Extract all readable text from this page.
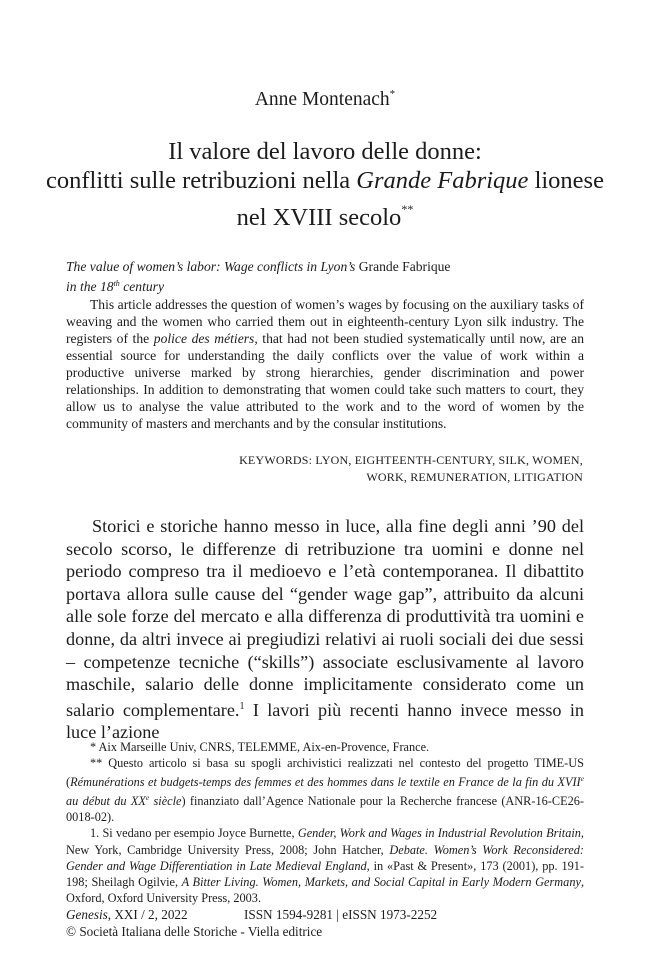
Anne Montenach*
Il valore del lavoro delle donne:
conflitti sulle retribuzioni nella Grande Fabrique lionese
nel XVIII secolo**
The value of women’s labor: Wage conflicts in Lyon’s Grande Fabrique
in the 18th century
This article addresses the question of women’s wages by focusing on the auxiliary tasks of weaving and the women who carried them out in eighteenth-century Lyon silk industry. The registers of the police des métiers, that had not been studied systematically until now, are an essential source for understanding the daily conflicts over the value of work within a productive universe marked by strong hierarchies, gender discrimination and power relationships. In addition to demonstrating that women could take such matters to court, they allow us to analyse the value attributed to the work and to the word of women by the community of masters and merchants and by the consular institutions.
KEYWORDS: LYON, EIGHTEENTH-CENTURY, SILK, WOMEN,
WORK, REMUNERATION, LITIGATION
Storici e storiche hanno messo in luce, alla fine degli anni ’90 del secolo scorso, le differenze di retribuzione tra uomini e donne nel periodo compreso tra il medioevo e l’età contemporanea. Il dibattito portava allora sulle cause del “gender wage gap”, attribuito da alcuni alle sole forze del mercato e alla differenza di produttività tra uomini e donne, da altri invece ai pregiudizi relativi ai ruoli sociali dei due sessi – competenze tecniche (“skills”) associate esclusivamente al lavoro maschile, salario delle donne implicitamente considerato come un salario complementare.$^1$ I lavori più recenti hanno invece messo in luce l’azione
* Aix Marseille Univ, CNRS, TELEMME, Aix-en-Provence, France.
** Questo articolo si basa su spogli archivistici realizzati nel contesto del progetto TIME-US (Rémunérations et budgets-temps des femmes et des hommes dans le textile en France de la fin du XVIIe au début du XXe siècle) finanziato dall’Agence Nationale pour la Recherche francese (ANR-16-CE26-0018-02).
1. Si vedano per esempio Joyce Burnette, Gender, Work and Wages in Industrial Revolution Britain, New York, Cambridge University Press, 2008; John Hatcher, Debate. Women’s Work Reconsidered: Gender and Wage Differentiation in Late Medieval England, in «Past & Present», 173 (2001), pp. 191-198; Sheilagh Ogilvie, A Bitter Living. Women, Markets, and Social Capital in Early Modern Germany, Oxford, Oxford University Press, 2003.
Genesis, XXI / 2, 2022	ISSN 1594-9281 | eISSN 1973-2252
© Società Italiana delle Storiche - Viella editrice
